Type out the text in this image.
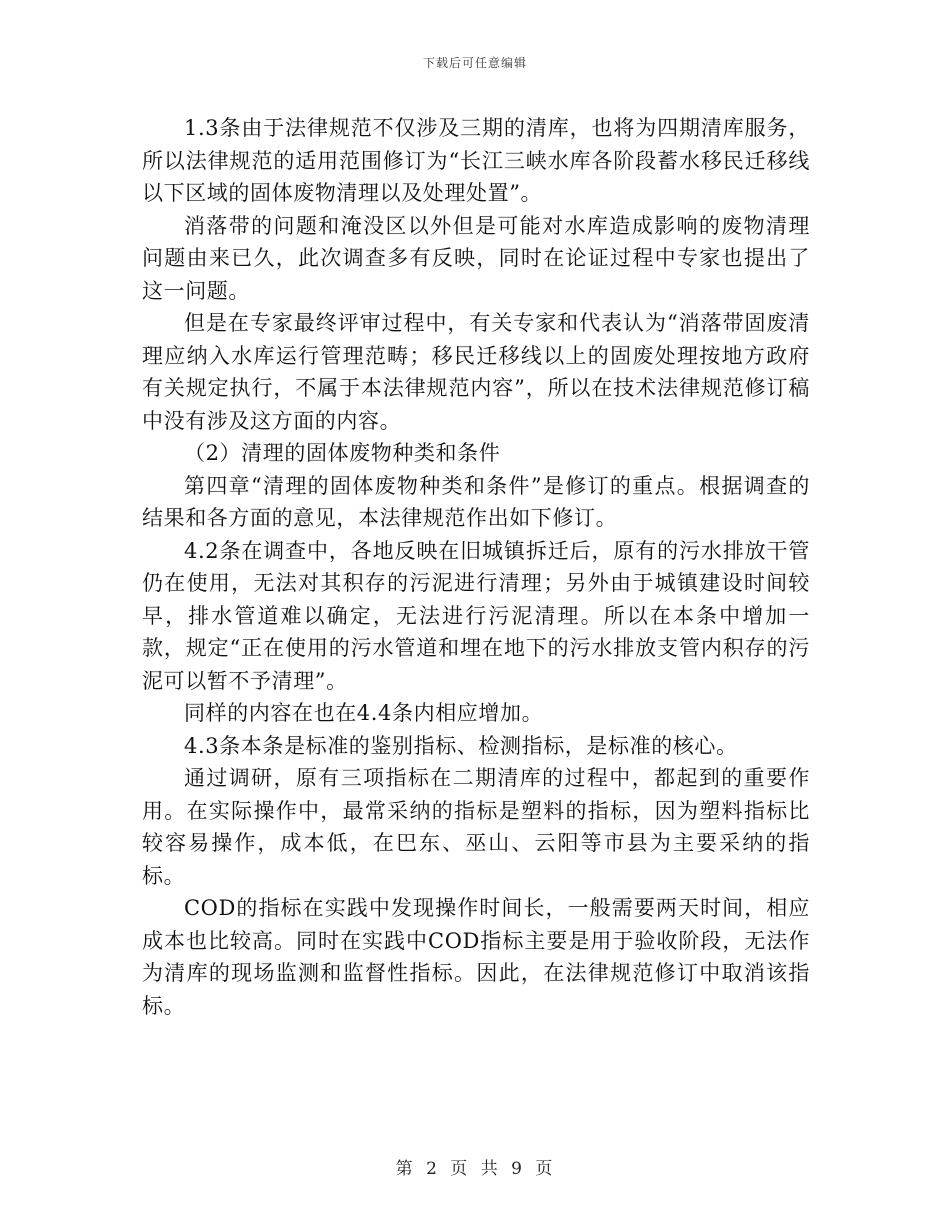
下载后可任意编辑

1.3条由于法律规范不仅涉及三期的清库，也将为四期清库服务，所以法律规范的适用范围修订为“长江三峡水库各阶段蓄水移民迁移线以下区域的固体废物清理以及处理处置”。

消落带的问题和淹没区以外但是可能对水库造成影响的废物清理问题由来已久，此次调查多有反映，同时在论证过程中专家也提出了这一问题。

但是在专家最终评审过程中，有关专家和代表认为“消落带固废清理应纳入水库运行管理范畴；移民迁移线以上的固废处理按地方政府有关规定执行，不属于本法律规范内容”，所以在技术法律规范修订稿中没有涉及这方面的内容。

（2）清理的固体废物种类和条件

第四章“清理的固体废物种类和条件”是修订的重点。根据调查的结果和各方面的意见，本法律规范作出如下修订。

4.2条在调查中，各地反映在旧城镇拆迁后，原有的污水排放干管仍在使用，无法对其积存的污泥进行清理；另外由于城镇建设时间较早，排水管道难以确定，无法进行污泥清理。所以在本条中增加一款，规定“正在使用的污水管道和埋在地下的污水排放支管内积存的污泥可以暂不予清理”。

同样的内容在也在4.4条内相应增加。

4.3条本条是标准的鉴别指标、检测指标，是标准的核心。

通过调研，原有三项指标在二期清库的过程中，都起到的重要作用。在实际操作中，最常采纳的指标是塑料的指标，因为塑料指标比较容易操作，成本低，在巴东、巫山、云阳等市县为主要采纳的指标。

COD的指标在实践中发现操作时间长，一般需要两天时间，相应成本也比较高。同时在实践中COD指标主要是用于验收阶段，无法作为清库的现场监测和监督性指标。因此，在法律规范修订中取消该指标。

第 2 页 共 9 页
